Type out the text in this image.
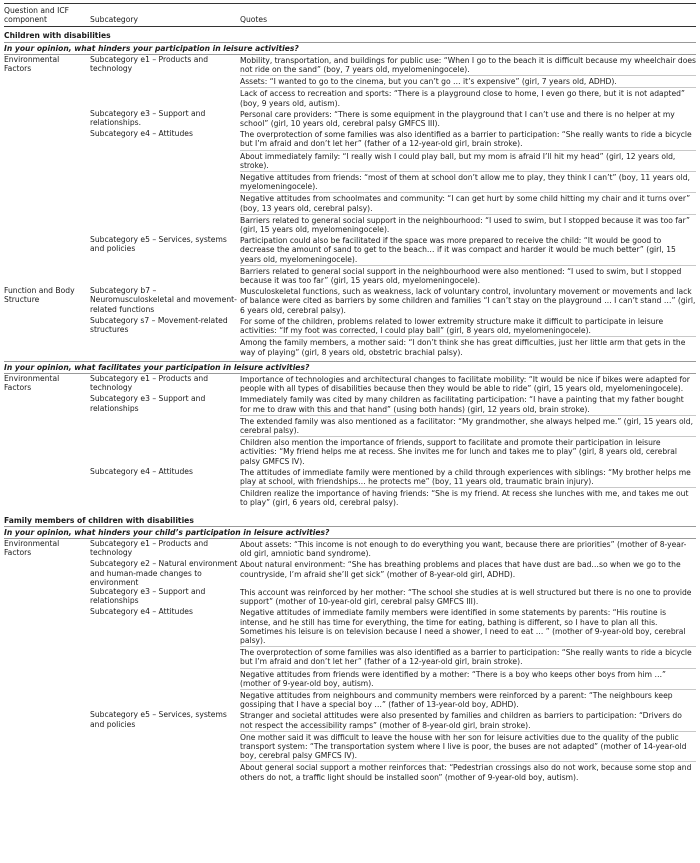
Question and ICF component	Subcategory	Quotes
Children with disabilities		
In your opinion, what hinders your participation in leisure activities?		
Environmental Factors	Subcategory e1 – Products and technology	Mobility, transportation, and buildings for public use: “When I go to the beach it is difficult because my wheelchair does not ride on the sand” (boy, 7 years old, myelomeningocele).
		Assets: “I wanted to go to the cinema, but you can’t go … it’s expensive” (girl, 7 years old, ADHD).
		Lack of access to recreation and sports: “There is a playground close to home, I even go there, but it is not adapted” (boy, 9 years old, autism).
	Subcategory e3 – Support and relationships.	Personal care providers: “There is some equipment in the playground that I can’t use and there is no helper at my school” (girl, 10 years old, cerebral palsy GMFCS III).
	Subcategory e4 – Attitudes	The overprotection of some families was also identified as a barrier to participation: “She really wants to ride a bicycle but I’m afraid and don’t let her” (father of a 12-year-old girl, brain stroke).
		About immediately family: “I really wish I could play ball, but my mom is afraid I’ll hit my head” (girl, 12 years old, stroke).
		Negative attitudes from friends: “most of them at school don’t allow me to play, they think I can’t” (boy, 11 years old, myelomeningocele).
		Negative attitudes from schoolmates and community: “I can get hurt by some child hitting my chair and it turns over” (boy, 13 years old, cerebral palsy).
		Barriers related to general social support in the neighbourhood: “I used to swim, but I stopped because it was too far” (girl, 15 years old, myelomeningocele).
	Subcategory e5 – Services, systems and policies	Participation could also be facilitated if the space was more prepared to receive the child: “It would be good to decrease the amount of sand to get to the beach… if it was compact and harder it would be much better” (girl, 15 years old, myelomeningocele).
		Barriers related to general social support in the neighbourhood were also mentioned: “I used to swim, but I stopped because it was too far” (girl, 15 years old, myelomeningocele).
Function and Body Structure	Subcategory b7 – Neuromusculoskeletal and movement-related functions	Musculoskeletal functions, such as weakness, lack of voluntary control, involuntary movement or movements and lack of balance were cited as barriers by some children and families “I can’t stay on the playground … I can’t stand …” (girl, 6 years old, cerebral palsy).
	Subcategory s7 – Movement-related structures	For some of the children, problems related to lower extremity structure make it difficult to participate in leisure activities: “If my foot was corrected, I could play ball” (girl, 8 years old, myelomeningocele).
		Among the family members, a mother said: “I don’t think she has great difficulties, just her little arm that gets in the way of playing” (girl, 8 years old, obstetric brachial palsy).

In your opinion, what facilitates your participation in leisure activities?		
Environmental Factors	Subcategory e1 – Products and technology	Importance of technologies and architectural changes to facilitate mobility: “It would be nice if bikes were adapted for people with all types of disabilities because then they would be able to ride” (girl, 15 years old, myelomeningocele).
	Subcategory e3 – Support and relationships	Immediately family was cited by many children as facilitating participation: “I have a painting that my father bought for me to draw with this and that hand” (using both hands) (girl, 12 years old, brain stroke).
		The extended family was also mentioned as a facilitator: “My grandmother, she always helped me.” (girl, 15 years old, cerebral palsy).
		Children also mention the importance of friends, support to facilitate and promote their participation in leisure activities: “My friend helps me at recess. She invites me for lunch and takes me to play” (girl, 8 years old, cerebral palsy GMFCS IV).
	Subcategory e4 – Attitudes	The attitudes of immediate family were mentioned by a child through experiences with siblings: “My brother helps me play at school, with friendships… he protects me” (boy, 11 years old, traumatic brain injury).
		Children realize the importance of having friends: “She is my friend. At recess she lunches with me, and takes me out to play” (girl, 6 years old, cerebral palsy).

Family members of children with disabilities		
In your opinion, what hinders your child’s participation in leisure activities?		
Environmental Factors	Subcategory e1 – Products and technology	About assets: “This income is not enough to do everything you want, because there are priorities” (mother of 8-year-old girl, amniotic band syndrome).
	Subcategory e2 – Natural environment and human-made changes to environment	About natural environment: “She has breathing problems and places that have dust are bad…so when we go to the countryside, I’m afraid she’ll get sick” (mother of 8-year-old girl, ADHD).
	Subcategory e3 – Support and relationships	This account was reinforced by her mother: “The school she studies at is well structured but there is no one to provide support” (mother of 10-year-old girl, cerebral palsy GMFCS III).
	Subcategory e4 – Attitudes	Negative attitudes of immediate family members were identified in some statements by parents: “His routine is intense, and he still has time for everything, the time for eating, bathing is different, so I have to plan all this. Sometimes his leisure is on television because I need a shower, I need to eat … ” (mother of 9-year-old boy, cerebral palsy).
		The overprotection of some families was also identified as a barrier to participation: “She really wants to ride a bicycle but I’m afraid and don’t let her” (father of a 12-year-old girl, brain stroke).
		Negative attitudes from friends were identified by a mother: “There is a boy who keeps other boys from him …” (mother of 9-year-old boy, autism).
		Negative attitudes from neighbours and community members were reinforced by a parent: “The neighbours keep gossiping that I have a special boy …” (father of 13-year-old boy, ADHD).
	Subcategory e5 – Services, systems and policies	Stranger and societal attitudes were also presented by families and children as barriers to participation: “Drivers do not respect the accessibility ramps” (mother of 8-year-old girl, brain stroke).
		One mother said it was difficult to leave the house with her son for leisure activities due to the quality of the public transport system: “The transportation system where I live is poor, the buses are not adapted” (mother of 14-year-old boy, cerebral palsy GMFCS IV).
		About general social support a mother reinforces that: “Pedestrian crossings also do not work, because some stop and others do not, a traffic light should be installed soon” (mother of 9-year-old boy, autism).
